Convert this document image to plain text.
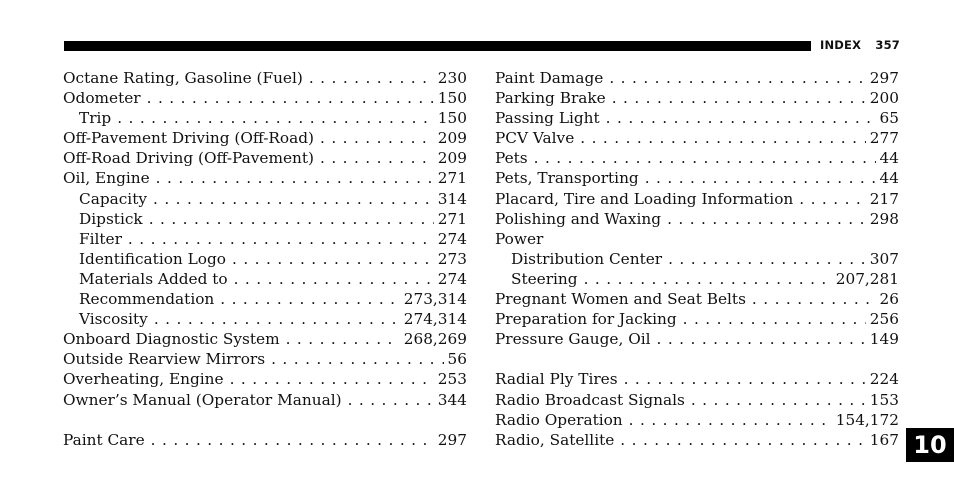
INDEX 357
Octane Rating, Gasoline (Fuel) . . .	230
Odometer . . .	150
Trip . . .	150
Off-Pavement Driving (Off-Road) . . .	209
Off-Road Driving (Off-Pavement) . . .	209
Oil, Engine . . .	271
Capacity . . .	314
Dipstick . . .	271
Filter . . .	274
Identification Logo . . .	273
Materials Added to . . .	274
Recommendation . . .	273,314
Viscosity . . .	274,314
Onboard Diagnostic System . . .	268,269
Outside Rearview Mirrors . . .	56
Overheating, Engine . . .	253
Owner’s Manual (Operator Manual) . . .	344
Paint Care . . .	297
Paint Damage . . .	297
Parking Brake . . .	200
Passing Light . . .	65
PCV Valve . . .	277
Pets . . .	44
Pets, Transporting . . .	44
Placard, Tire and Loading Information . . .	217
Polishing and Waxing . . .	298
Power
Distribution Center . . .	307
Steering . . .	207,281
Pregnant Women and Seat Belts . . .	26
Preparation for Jacking . . .	256
Pressure Gauge, Oil . . .	149
Radial Ply Tires . . .	224
Radio Broadcast Signals . . .	153
Radio Operation . . .	154,172
Radio, Satellite . . .	167 10
